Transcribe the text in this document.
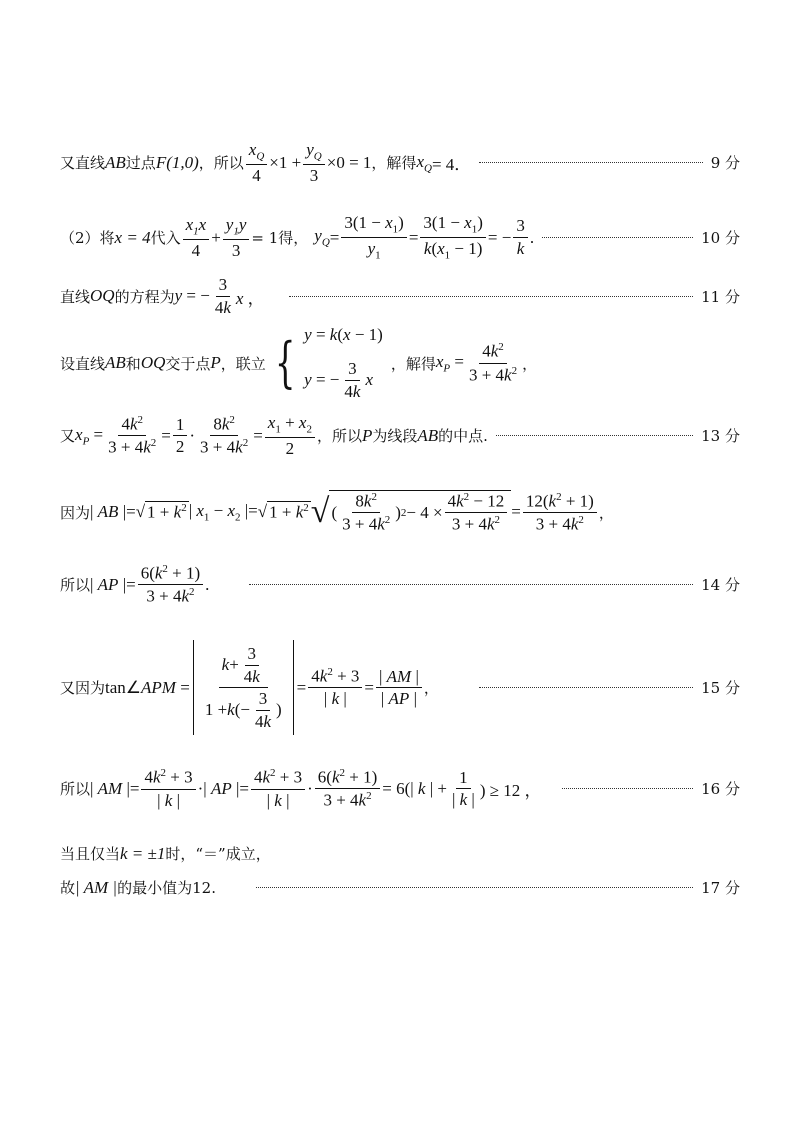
又直线 AB 过点 F(1,0) ，所以 $\frac{x_Q}{4} \times 1 + \frac{y_Q}{3} \times 0 = 1$ ，解得 $x_Q = 4$．	9 分
（2）将 x = 4 代入 $\frac{x_1x}{4} + \frac{y_1y}{3} = 1$得， $y_Q = \frac{3(1 - x_1)}{y_1} = \frac{3(1 - x_1)}{k(x_1 - 1)}$ = − $\frac{3}{k}$ .	10 分
直线 OQ 的方程为 y = − $\frac{3}{4k}$ x ，	11 分
设直线 AB 和 OQ 交于点 P ，联立 { y = k(x − 1)
y = − $\frac{3}{4k}$ x
，解得 $x_P = \frac{4k^2}{3 + 4k^2}$ ，
又 $x_P = \frac{4k^2}{3 + 4k^2} = \frac{1}{2} \cdot \frac{8k^2}{3 + 4k^2} = \frac{x_1 + x_2}{2}$ ，所以 P 为线段 AB 的中点.	13 分
因为 | AB |= √ $1 + k^2$ | $x_1 - x_2$ |= √ $1 + k^2$ √ ( $\frac{8k^2}{3 + 4k^2}$ ) $2 - 4 \times \frac{4k^2 - 12}{3 + 4k^2} = \frac{12(k^2 + 1)}{3 + 4k^2}$ ，
所以 | AP |= $\frac{6(k^2 + 1)}{3 + 4k^2}$ .	14 分
又因为 tan∠APM = $\frac{k + \frac{3}{4k}}{1 + k (- \frac{3}{4k} )} = \frac{4k^2 + 3}{| k |} = \frac{| AM |}{| AP |}$ ，	15 分
所以 | AM |= $\frac{4k^2 + 3}{| k |}$ ·| AP |= $\frac{4k^2 + 3}{| k |} \cdot \frac{6(k^2 + 1)}{3 + 4k^2} = 6(|$ k | + $\frac{1}{| k |}$ ) ≥ 12 ，	16 分
当且仅当 k = ±1 时，“＝”成立，
故 | AM | 的最小值为12.	17 分
